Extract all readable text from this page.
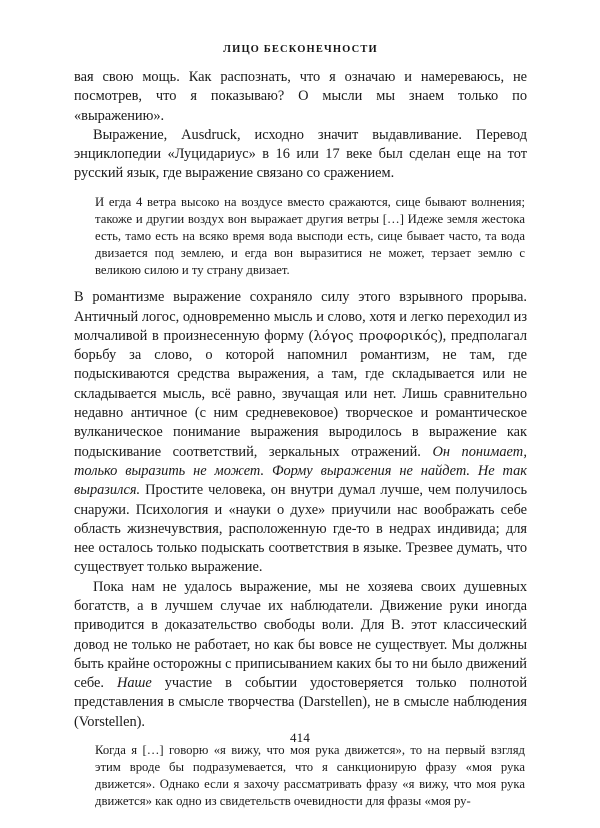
ЛИЦО БЕСКОНЕЧНОСТИ

вая свою мощь. Как распознать, что я означаю и намереваюсь, не посмотрев, что я показываю? О мысли мы знаем только по «выражению».

Выражение, Ausdruck, исходно значит выдавливание. Перевод энциклопедии «Луцидариус» в 16 или 17 веке был сделан еще на тот русский язык, где выражение связано со сражением.

И егда 4 ветра высоко на воздусе вместо сражаются, сице бывают волнения; такоже и другии воздух вон выражает другия ветры […] Идеже земля жестока есть, тамо есть на всяко время вода высподи есть, сице бывает часто, та вода двизается под землею, и егда вон выразитися не может, терзает землю с великою силою и ту страну двизает.

В романтизме выражение сохраняло силу этого взрывного прорыва. Античный логос, одновременно мысль и слово, хотя и легко переходил из молчаливой в произнесенную форму (λόγος προφορικός), предполагал борьбу за слово, о которой напомнил романтизм, не там, где подыскиваются средства выражения, а там, где складывается или не складывается мысль, всё равно, звучащая или нет. Лишь сравнительно недавно античное (с ним средневековое) творческое и романтическое вулканическое понимание выражения выродилось в выражение как подыскивание соответствий, зеркальных отражений. Он понимает, только выразить не может. Форму выражения не найдет. Не так выразился. Простите человека, он внутри думал лучше, чем получилось снаружи. Психология и «науки о духе» приучили нас воображать себе область жизнечувствия, расположенную где-то в недрах индивида; для нее осталось только подыскать соответствия в языке. Трезвее думать, что существует только выражение.

Пока нам не удалось выражение, мы не хозяева своих душевных богатств, а в лучшем случае их наблюдатели. Движение руки иногда приводится в доказательство свободы воли. Для В. этот классический довод не только не работает, но как бы вовсе не существует. Мы должны быть крайне осторожны с приписыванием каких бы то ни было движений себе. Наше участие в событии удостоверяется только полнотой представления в смысле творчества (Darstellen), не в смысле наблюдения (Vorstellen).

Когда я […] говорю «я вижу, что моя рука движется», то на первый взгляд этим вроде бы подразумевается, что я санкционирую фразу «моя рука движется». Однако если я захочу рассматривать фразу «я вижу, что моя рука движется» как одно из свидетельств очевидности для фразы «моя ру-

414
